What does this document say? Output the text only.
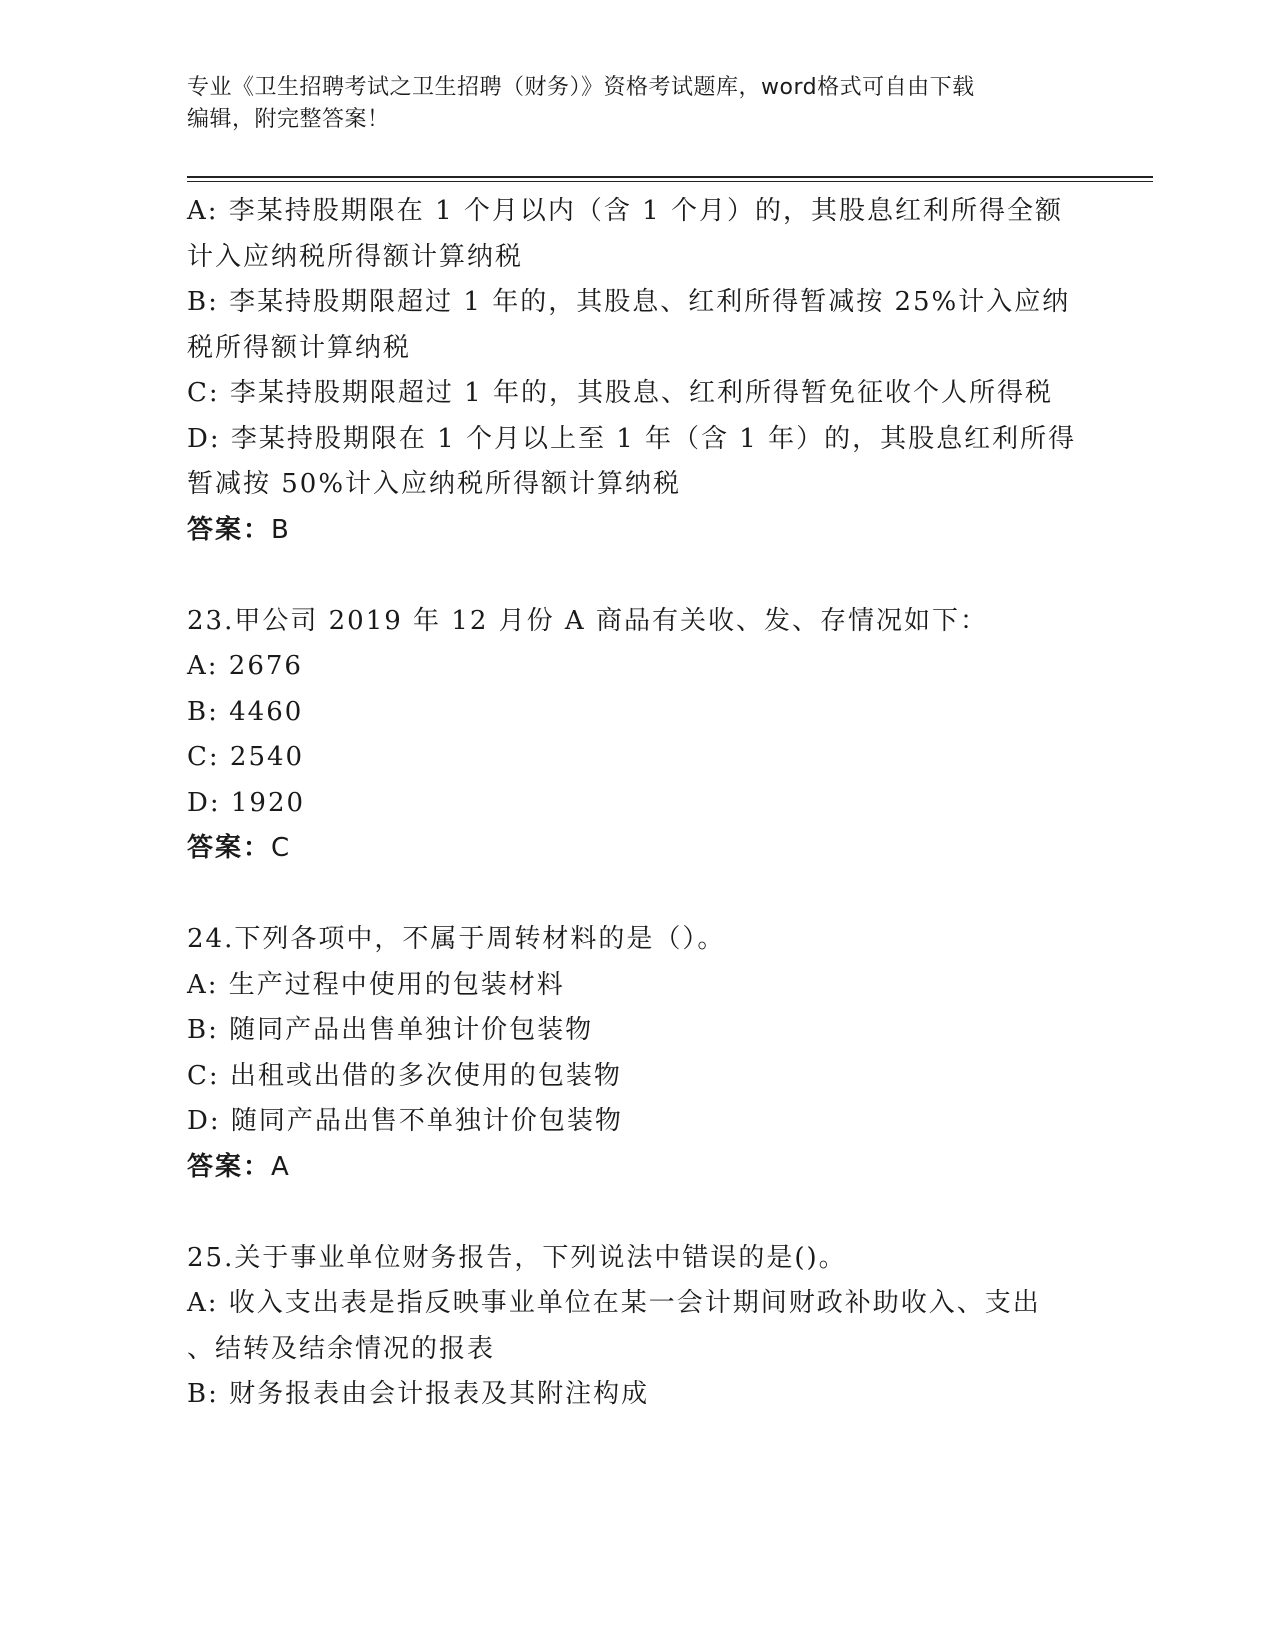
专业《卫生招聘考试之卫生招聘（财务）》资格考试题库，word格式可自由下载
编辑，附完整答案！
A: 李某持股期限在 1 个月以内（含 1 个月）的，其股息红利所得全额
计入应纳税所得额计算纳税
B: 李某持股期限超过 1 年的，其股息、红利所得暂减按 25%计入应纳
税所得额计算纳税
C: 李某持股期限超过 1 年的，其股息、红利所得暂免征收个人所得税
D: 李某持股期限在 1 个月以上至 1 年（含 1 年）的，其股息红利所得
暂减按 50%计入应纳税所得额计算纳税
答案：B
23.甲公司 2019 年 12 月份 A 商品有关收、发、存情况如下：
A: 2676
B: 4460
C: 2540
D: 1920
答案：C
24.下列各项中，不属于周转材料的是（）。
A: 生产过程中使用的包装材料
B: 随同产品出售单独计价包装物
C: 出租或出借的多次使用的包装物
D: 随同产品出售不单独计价包装物
答案：A
25.关于事业单位财务报告，下列说法中错误的是()。
A: 收入支出表是指反映事业单位在某一会计期间财政补助收入、支出
、结转及结余情况的报表
B: 财务报表由会计报表及其附注构成
